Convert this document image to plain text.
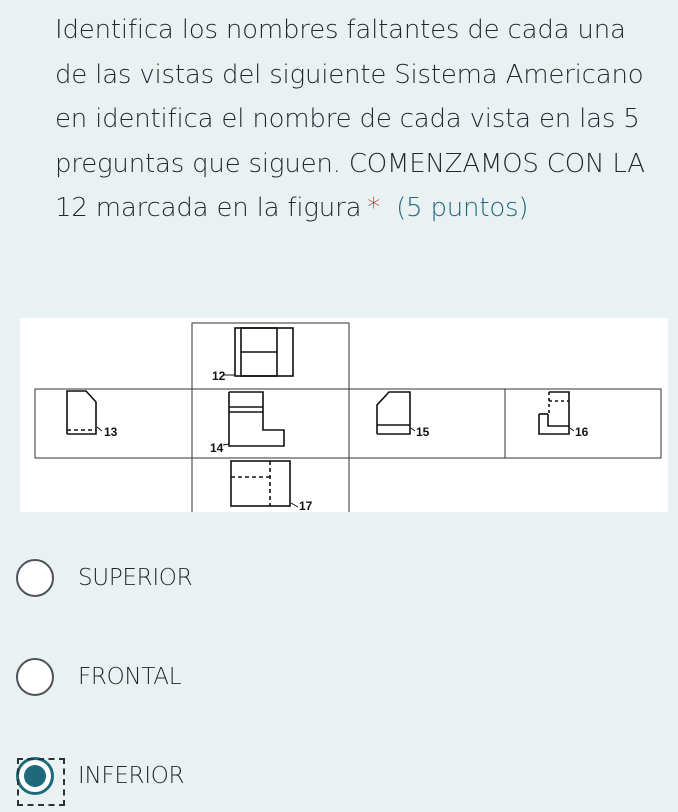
Identifica los nombres faltantes de cada una de las vistas del siguiente Sistema Americano en identifica el nombre de cada vista en las 5 preguntas que siguen. COMENZAMOS CON LA 12 marcada en la figura * (5 puntos)
12
13
14
15	16
17
SUPERIOR
FRONTAL
INFERIOR
